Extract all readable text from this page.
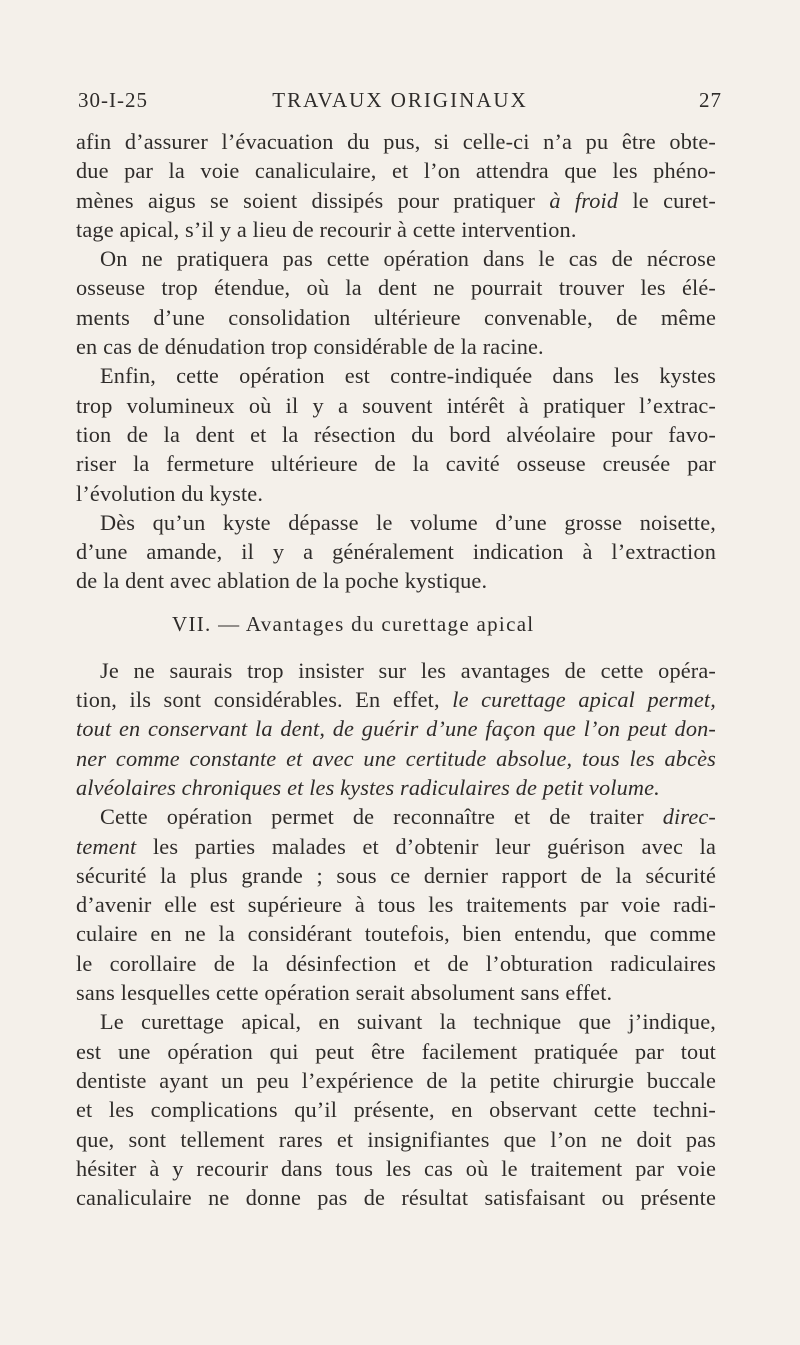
30-I-25	TRAVAUX ORIGINAUX	27
afin d’assurer l’évacuation du pus, si celle-ci n’a pu être obte-
due par la voie canaliculaire, et l’on attendra que les phéno-
mènes aigus se soient dissipés pour pratiquer à froid le curet-
tage apical, s’il y a lieu de recourir à cette intervention.
On ne pratiquera pas cette opération dans le cas de nécrose
osseuse trop étendue, où la dent ne pourrait trouver les élé-
ments d’une consolidation ultérieure convenable, de même
en cas de dénudation trop considérable de la racine.
Enfin, cette opération est contre-indiquée dans les kystes
trop volumineux où il y a souvent intérêt à pratiquer l’extrac-
tion de la dent et la résection du bord alvéolaire pour favo-
riser la fermeture ultérieure de la cavité osseuse creusée par
l’évolution du kyste.
Dès qu’un kyste dépasse le volume d’une grosse noisette,
d’une amande, il y a généralement indication à l’extraction
de la dent avec ablation de la poche kystique.
VII. — Avantages du curettage apical
Je ne saurais trop insister sur les avantages de cette opéra-
tion, ils sont considérables. En effet, le curettage apical permet,
tout en conservant la dent, de guérir d’une façon que l’on peut don-
ner comme constante et avec une certitude absolue, tous les abcès
alvéolaires chroniques et les kystes radiculaires de petit volume.
Cette opération permet de reconnaître et de traiter direc-
tement les parties malades et d’obtenir leur guérison avec la
sécurité la plus grande ; sous ce dernier rapport de la sécurité
d’avenir elle est supérieure à tous les traitements par voie radi-
culaire en ne la considérant toutefois, bien entendu, que comme
le corollaire de la désinfection et de l’obturation radiculaires
sans lesquelles cette opération serait absolument sans effet.
Le curettage apical, en suivant la technique que j’indique,
est une opération qui peut être facilement pratiquée par tout
dentiste ayant un peu l’expérience de la petite chirurgie buccale
et les complications qu’il présente, en observant cette techni-
que, sont tellement rares et insignifiantes que l’on ne doit pas
hésiter à y recourir dans tous les cas où le traitement par voie
canaliculaire ne donne pas de résultat satisfaisant ou présente
